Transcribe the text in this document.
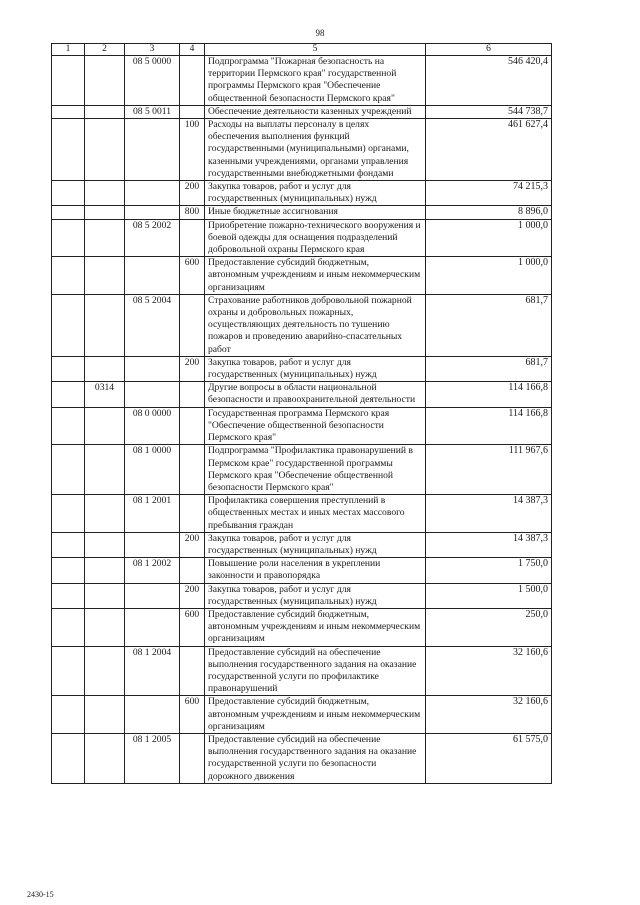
98
1	2	3	4	5	6
		08 5 0000		Подпрограмма "Пожарная безопасность на территории Пермского края" государственной программы Пермского края "Обеспечение общественной безопасности Пермского края"	546 420,4
		08 5 0011		Обеспечение деятельности казенных учреждений	544 738,7
			100	Расходы на выплаты персоналу в целях обеспечения выполнения функций государственными (муниципальными) органами, казенными учреждениями, органами управления государственными внебюджетными фондами	461 627,4
			200	Закупка товаров, работ и услуг для государственных (муниципальных) нужд	74 215,3
			800	Иные бюджетные ассигнования	8 896,0
		08 5 2002		Приобретение пожарно-технического вооружения и боевой одежды для оснащения подразделений добровольной охраны Пермского края	1 000,0
			600	Предоставление субсидий бюджетным, автономным учреждениям и иным некоммерческим организациям	1 000,0
		08 5 2004		Страхование работников добровольной пожарной охраны и добровольных пожарных, осуществляющих деятельность по тушению пожаров и проведению аварийно-спасательных работ	681,7
			200	Закупка товаров, работ и услуг для государственных (муниципальных) нужд	681,7
	0314			Другие вопросы в области национальной безопасности и правоохранительной деятельности	114 166,8
		08 0 0000		Государственная программа Пермского края "Обеспечение общественной безопасности Пермского края"	114 166,8
		08 1 0000		Подпрограмма "Профилактика правонарушений в Пермском крае" государственной программы Пермского края "Обеспечение общественной безопасности Пермского края"	111 967,6
		08 1 2001		Профилактика совершения преступлений в общественных местах и иных местах массового пребывания граждан	14 387,3
			200	Закупка товаров, работ и услуг для государственных (муниципальных) нужд	14 387,3
		08 1 2002		Повышение роли населения в укреплении законности и правопорядка	1 750,0
			200	Закупка товаров, работ и услуг для государственных (муниципальных) нужд	1 500,0
			600	Предоставление субсидий бюджетным, автономным учреждениям и иным некоммерческим организациям	250,0
		08 1 2004		Предоставление субсидий на обеспечение выполнения государственного задания на оказание государственной услуги по профилактике правонарушений	32 160,6
			600	Предоставление субсидий бюджетным, автономным учреждениям и иным некоммерческим организациям	32 160,6
		08 1 2005		Предоставление субсидий на обеспечение выполнения государственного задания на оказание государственной услуги по безопасности дорожного движения	61 575,0
2430-15
